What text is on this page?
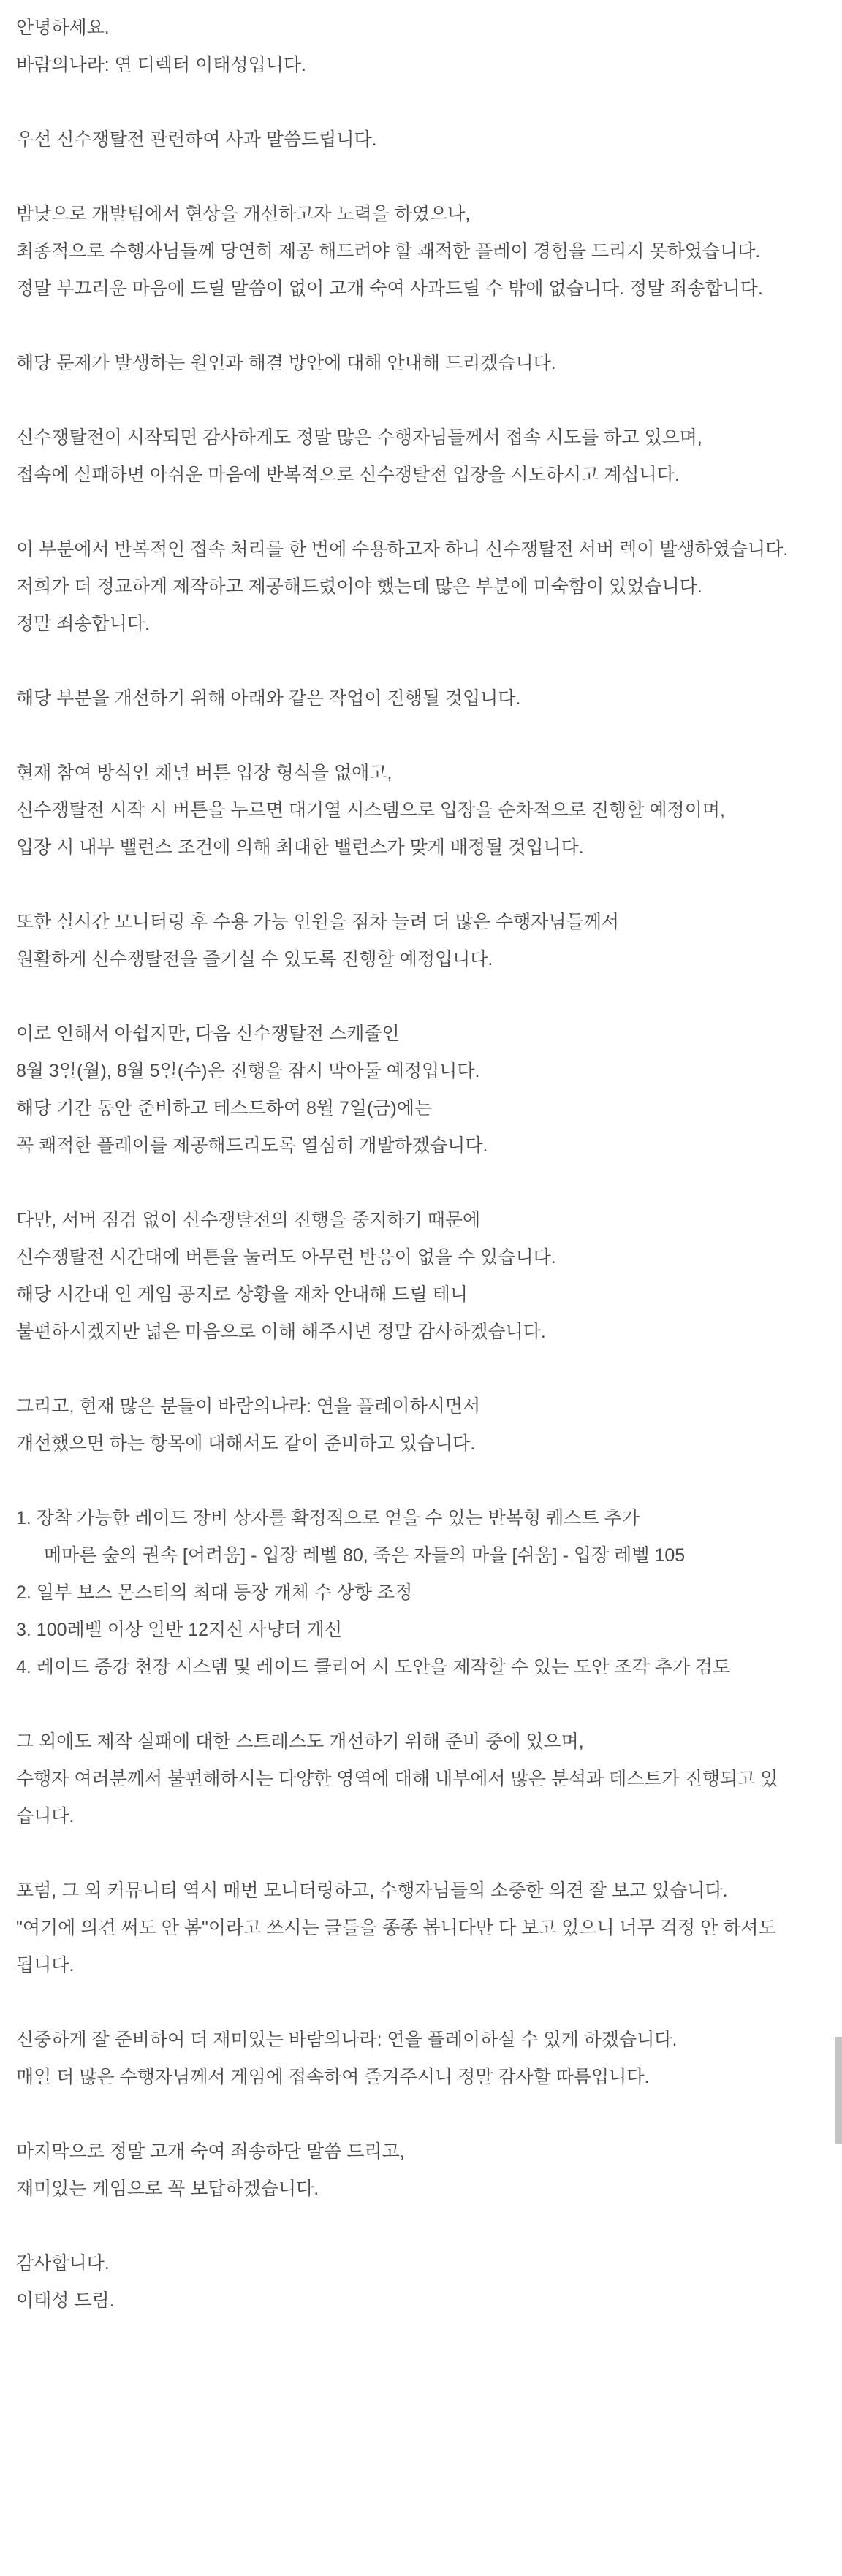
안녕하세요.

바람의나라: 연 디렉터 이태성입니다.

우선 신수쟁탈전 관련하여 사과 말씀드립니다.

밤낮으로 개발팀에서 현상을 개선하고자 노력을 하였으나,

최종적으로 수행자님들께 당연히 제공 해드려야 할 쾌적한 플레이 경험을 드리지 못하였습니다.

정말 부끄러운 마음에 드릴 말씀이 없어 고개 숙여 사과드릴 수 밖에 없습니다. 정말 죄송합니다.

해당 문제가 발생하는 원인과 해결 방안에 대해 안내해 드리겠습니다.

신수쟁탈전이 시작되면 감사하게도 정말 많은 수행자님들께서 접속 시도를 하고 있으며,

접속에 실패하면 아쉬운 마음에 반복적으로 신수쟁탈전 입장을 시도하시고 계십니다.

이 부분에서 반복적인 접속 처리를 한 번에 수용하고자 하니 신수쟁탈전 서버 렉이 발생하였습니다.

저희가 더 정교하게 제작하고 제공해드렸어야 했는데 많은 부분에 미숙함이 있었습니다.

정말 죄송합니다.

해당 부분을 개선하기 위해 아래와 같은 작업이 진행될 것입니다.

현재 참여 방식인 채널 버튼 입장 형식을 없애고,

신수쟁탈전 시작 시 버튼을 누르면 대기열 시스템으로 입장을 순차적으로 진행할 예정이며,

입장 시 내부 밸런스 조건에 의해 최대한 밸런스가 맞게 배정될 것입니다.

또한 실시간 모니터링 후 수용 가능 인원을 점차 늘려 더 많은 수행자님들께서

원활하게 신수쟁탈전을 즐기실 수 있도록 진행할 예정입니다.

이로 인해서 아쉽지만, 다음 신수쟁탈전 스케줄인

8월 3일(월), 8월 5일(수)은 진행을 잠시 막아둘 예정입니다.

해당 기간 동안 준비하고 테스트하여 8월 7일(금)에는

꼭 쾌적한 플레이를 제공해드리도록 열심히 개발하겠습니다.

다만, 서버 점검 없이 신수쟁탈전의 진행을 중지하기 때문에

신수쟁탈전 시간대에 버튼을 눌러도 아무런 반응이 없을 수 있습니다.

해당 시간대 인 게임 공지로 상황을 재차 안내해 드릴 테니

불편하시겠지만 넓은 마음으로 이해 해주시면 정말 감사하겠습니다.

그리고, 현재 많은 분들이 바람의나라: 연을 플레이하시면서

개선했으면 하는 항목에 대해서도 같이 준비하고 있습니다.

1. 장착 가능한 레이드 장비 상자를 확정적으로 얻을 수 있는 반복형 퀘스트 추가

메마른 숲의 권속 [어려움] - 입장 레벨 80, 죽은 자들의 마을 [쉬움] - 입장 레벨 105

2. 일부 보스 몬스터의 최대 등장 개체 수 상향 조정

3. 100레벨 이상 일반 12지신 사냥터 개선

4. 레이드 증강 천장 시스템 및 레이드 클리어 시 도안을 제작할 수 있는 도안 조각 추가 검토

그 외에도 제작 실패에 대한 스트레스도 개선하기 위해 준비 중에 있으며,

수행자 여러분께서 불편해하시는 다양한 영역에 대해 내부에서 많은 분석과 테스트가 진행되고 있습니다.

포럼, 그 외 커뮤니티 역시 매번 모니터링하고, 수행자님들의 소중한 의견 잘 보고 있습니다.

"여기에 의견 써도 안 봄"이라고 쓰시는 글들을 종종 봅니다만 다 보고 있으니 너무 걱정 안 하셔도 됩니다.

신중하게 잘 준비하여 더 재미있는 바람의나라: 연을 플레이하실 수 있게 하겠습니다.

매일 더 많은 수행자님께서 게임에 접속하여 즐겨주시니 정말 감사할 따름입니다.

마지막으로 정말 고개 숙여 죄송하단 말씀 드리고,

재미있는 게임으로 꼭 보답하겠습니다.

감사합니다.

이태성 드림.
